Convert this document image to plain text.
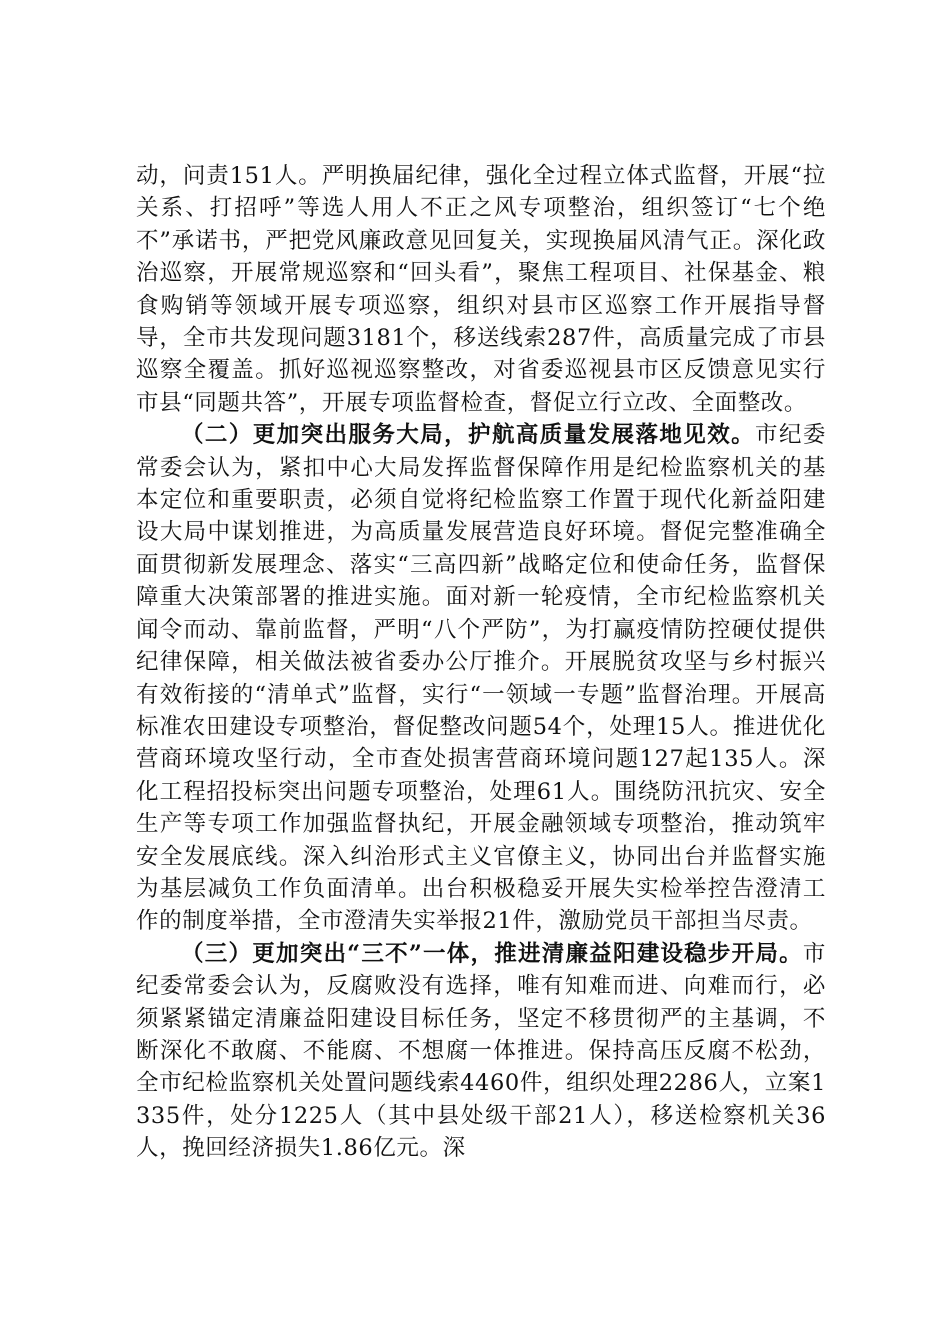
动，问责151人。严明换届纪律，强化全过程立体式监督，开展“拉关系、打招呼”等选人用人不正之风专项整治，组织签订“七个绝不”承诺书，严把党风廉政意见回复关，实现换届风清气正。深化政治巡察，开展常规巡察和“回头看”，聚焦工程项目、社保基金、粮食购销等领域开展专项巡察，组织对县市区巡察工作开展指导督导，全市共发现问题3181个，移送线索287件，高质量完成了市县巡察全覆盖。抓好巡视巡察整改，对省委巡视县市区反馈意见实行市县“同题共答”，开展专项监督检查，督促立行立改、全面整改。

（二）更加突出服务大局，护航高质量发展落地见效。市纪委常委会认为，紧扣中心大局发挥监督保障作用是纪检监察机关的基本定位和重要职责，必须自觉将纪检监察工作置于现代化新益阳建设大局中谋划推进，为高质量发展营造良好环境。督促完整准确全面贯彻新发展理念、落实“三高四新”战略定位和使命任务，监督保障重大决策部署的推进实施。面对新一轮疫情，全市纪检监察机关闻令而动、靠前监督，严明“八个严防”，为打赢疫情防控硬仗提供纪律保障，相关做法被省委办公厅推介。开展脱贫攻坚与乡村振兴有效衔接的“清单式”监督，实行“一领域一专题”监督治理。开展高标准农田建设专项整治，督促整改问题54个，处理15人。推进优化营商环境攻坚行动，全市查处损害营商环境问题127起135人。深化工程招投标突出问题专项整治，处理61人。围绕防汛抗灾、安全生产等专项工作加强监督执纪，开展金融领域专项整治，推动筑牢安全发展底线。深入纠治形式主义官僚主义，协同出台并监督实施为基层减负工作负面清单。出台积极稳妥开展失实检举控告澄清工作的制度举措，全市澄清失实举报21件，激励党员干部担当尽责。

（三）更加突出“三不”一体，推进清廉益阳建设稳步开局。市纪委常委会认为，反腐败没有选择，唯有知难而进、向难而行，必须紧紧锚定清廉益阳建设目标任务，坚定不移贯彻严的主基调，不断深化不敢腐、不能腐、不想腐一体推进。保持高压反腐不松劲，全市纪检监察机关处置问题线索4460件，组织处理2286人，立案1335件，处分1225人（其中县处级干部21人），移送检察机关36人，挽回经济损失1.86亿元。深
